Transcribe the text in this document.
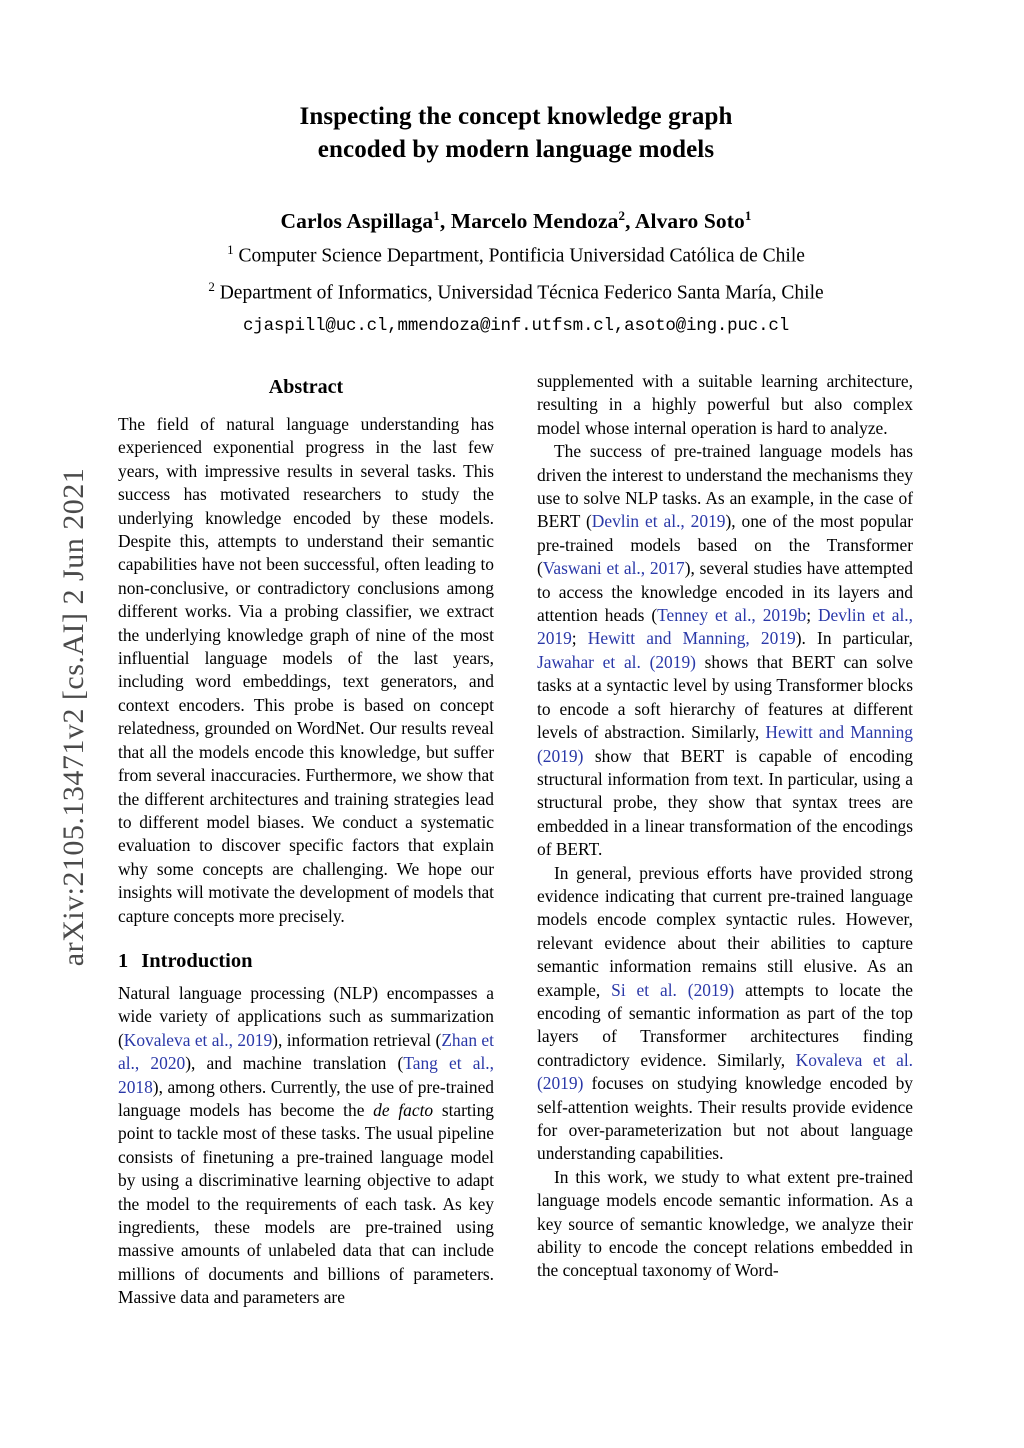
arXiv:2105.13471v2 [cs.AI] 2 Jun 2021
Inspecting the concept knowledge graph
encoded by modern language models
Carlos Aspillaga$^1$, Marcelo Mendoza$^2$, Alvaro Soto$^1$
$^1$ Computer Science Department, Pontificia Universidad Católica de Chile
$^2$ Department of Informatics, Universidad Técnica Federico Santa María, Chile
cjaspill@uc.cl,mmendoza@inf.utfsm.cl,asoto@ing.puc.cl
Abstract

The field of natural language understanding has experienced exponential progress in the last few years, with impressive results in several tasks. This success has motivated researchers to study the underlying knowledge encoded by these models. Despite this, attempts to understand their semantic capabilities have not been successful, often leading to non-conclusive, or contradictory conclusions among different works. Via a probing classifier, we extract the underlying knowledge graph of nine of the most influential language models of the last years, including word embeddings, text generators, and context encoders. This probe is based on concept relatedness, grounded on WordNet. Our results reveal that all the models encode this knowledge, but suffer from several inaccuracies. Furthermore, we show that the different architectures and training strategies lead to different model biases. We conduct a systematic evaluation to discover specific factors that explain why some concepts are challenging. We hope our insights will motivate the development of models that capture concepts more precisely.

1 Introduction

Natural language processing (NLP) encompasses a wide variety of applications such as summarization (Kovaleva et al., 2019), information retrieval (Zhan et al., 2020), and machine translation (Tang et al., 2018), among others. Currently, the use of pre-trained language models has become the de facto starting point to tackle most of these tasks. The usual pipeline consists of finetuning a pre-trained language model by using a discriminative learning objective to adapt the model to the requirements of each task. As key ingredients, these models are pre-trained using massive amounts of unlabeled data that can include millions of documents and billions of parameters. Massive data and parameters are

supplemented with a suitable learning architecture, resulting in a highly powerful but also complex model whose internal operation is hard to analyze.

The success of pre-trained language models has driven the interest to understand the mechanisms they use to solve NLP tasks. As an example, in the case of BERT (Devlin et al., 2019), one of the most popular pre-trained models based on the Transformer (Vaswani et al., 2017), several studies have attempted to access the knowledge encoded in its layers and attention heads (Tenney et al., 2019b; Devlin et al., 2019; Hewitt and Manning, 2019). In particular, Jawahar et al. (2019) shows that BERT can solve tasks at a syntactic level by using Transformer blocks to encode a soft hierarchy of features at different levels of abstraction. Similarly, Hewitt and Manning (2019) show that BERT is capable of encoding structural information from text. In particular, using a structural probe, they show that syntax trees are embedded in a linear transformation of the encodings of BERT.

In general, previous efforts have provided strong evidence indicating that current pre-trained language models encode complex syntactic rules. However, relevant evidence about their abilities to capture semantic information remains still elusive. As an example, Si et al. (2019) attempts to locate the encoding of semantic information as part of the top layers of Transformer architectures finding contradictory evidence. Similarly, Kovaleva et al. (2019) focuses on studying knowledge encoded by self-attention weights. Their results provide evidence for over-parameterization but not about language understanding capabilities.

In this work, we study to what extent pre-trained language models encode semantic information. As a key source of semantic knowledge, we analyze their ability to encode the concept relations embedded in the conceptual taxonomy of Word-
